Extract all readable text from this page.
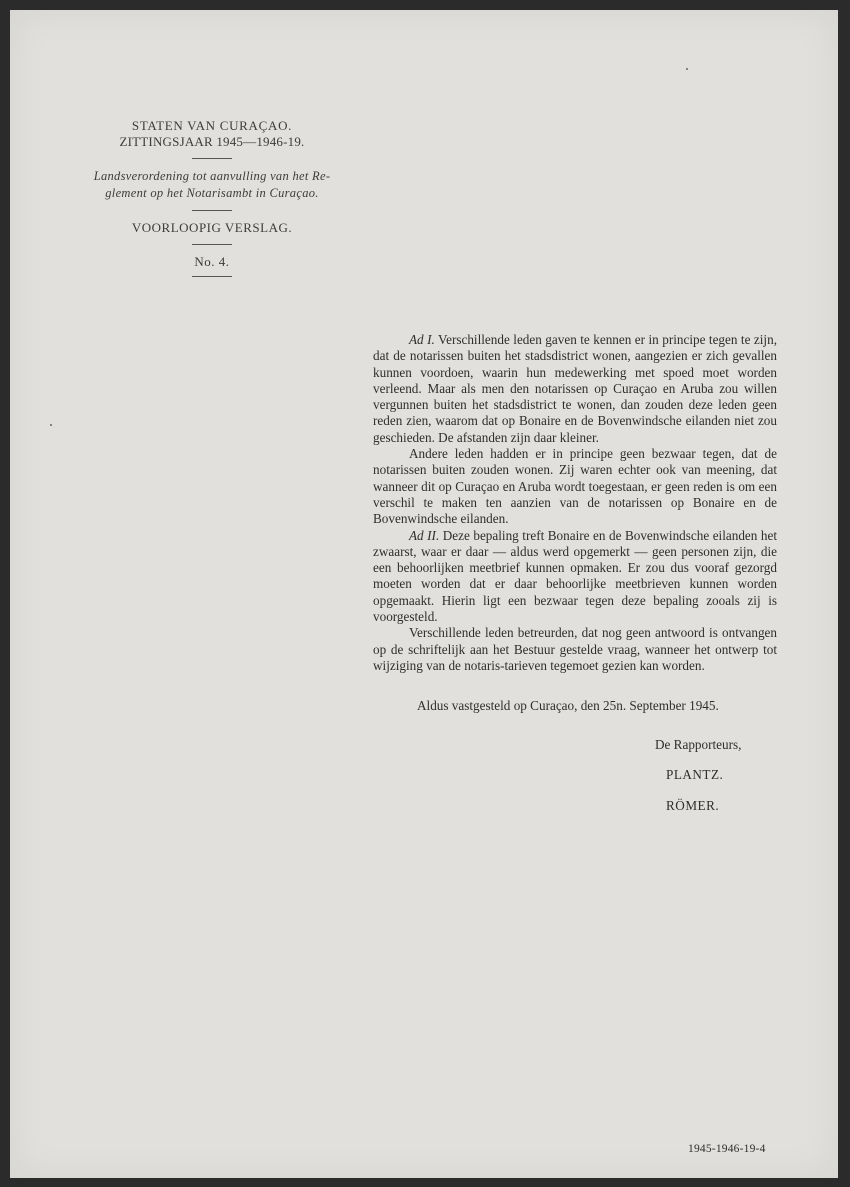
STATEN VAN CURAÇAO.
ZITTINGSJAAR 1945—1946-19.
Landsverordening tot aanvulling van het Re-
glement op het Notarisambt in Curaçao.
VOORLOOPIG VERSLAG.
No. 4.

Ad I. Verschillende leden gaven te kennen er in principe tegen te zijn, dat de notarissen buiten het stadsdistrict wonen, aangezien er zich gevallen kunnen voordoen, waarin hun medewerking met spoed moet worden verleend. Maar als men den notarissen op Curaçao en Aruba zou willen vergunnen buiten het stadsdistrict te wonen, dan zouden deze leden geen reden zien, waarom dat op Bonaire en de Bovenwindsche eilanden niet zou geschieden. De afstanden zijn daar kleiner.

Andere leden hadden er in principe geen bezwaar tegen, dat de notarissen buiten zouden wonen. Zij waren echter ook van meening, dat wanneer dit op Curaçao en Aruba wordt toegestaan, er geen reden is om een verschil te maken ten aanzien van de notarissen op Bonaire en de Bovenwindsche eilanden.

Ad II. Deze bepaling treft Bonaire en de Bovenwindsche eilanden het zwaarst, waar er daar — aldus werd opgemerkt — geen personen zijn, die een behoorlijken meetbrief kunnen opmaken. Er zou dus vooraf gezorgd moeten worden dat er daar behoorlijke meetbrieven kunnen worden opgemaakt. Hierin ligt een bezwaar tegen deze bepaling zooals zij is voorgesteld.

Verschillende leden betreurden, dat nog geen antwoord is ontvangen op de schriftelijk aan het Bestuur gestelde vraag, wanneer het ontwerp tot wijziging van de notaris-tarieven tegemoet gezien kan worden.

Aldus vastgesteld op Curaçao, den 25n. September 1945.
De Rapporteurs,
PLANTZ.
RÖMER.
1945-1946-19-4
